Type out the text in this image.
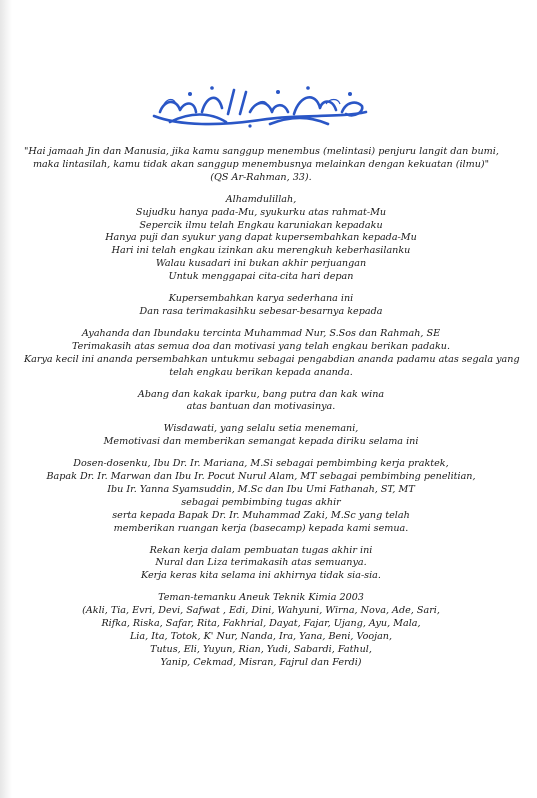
"Hai jamaah Jin dan Manusia, jika kamu sanggup menembus (melintasi) penjuru langit dan bumi,
maka lintasilah, kamu tidak akan sanggup menembusnya melainkan dengan kekuatan (ilmu)"
(QS Ar-Rahman, 33).
Alhamdulillah,
Sujudku hanya pada-Mu, syukurku atas rahmat-Mu
Sepercik ilmu telah Engkau karuniakan kepadaku
Hanya puji dan syukur yang dapat kupersembahkan kepada-Mu
Hari ini telah engkau izinkan aku merengkuh keberhasilanku
Walau kusadari ini bukan akhir perjuangan
Untuk menggapai cita-cita hari depan
Kupersembahkan karya sederhana ini
Dan rasa terimakasihku sebesar-besarnya kepada
Ayahanda dan Ibundaku tercinta Muhammad Nur, S.Sos dan Rahmah, SE
Terimakasih atas semua doa dan motivasi yang telah engkau berikan padaku.
Karya kecil ini ananda persembahkan untukmu sebagai pengabdian ananda padamu atas segala yang
telah engkau berikan kepada ananda.
Abang dan kakak iparku, bang putra dan kak wina
atas bantuan dan motivasinya.
Wisdawati, yang selalu setia menemani,
Memotivasi dan memberikan semangat kepada diriku selama ini
Dosen-dosenku, Ibu Dr. Ir. Mariana, M.Si sebagai pembimbing kerja praktek,
Bapak Dr. Ir. Marwan dan Ibu Ir. Pocut Nurul Alam, MT sebagai pembimbing penelitian,
Ibu Ir. Yanna Syamsuddin, M.Sc dan Ibu Umi Fathanah, ST, MT
sebagai pembimbing tugas akhir
serta kepada Bapak Dr. Ir. Muhammad Zaki, M.Sc yang telah
memberikan ruangan kerja (basecamp) kepada kami semua.
Rekan kerja dalam pembuatan tugas akhir ini
Nural dan Liza terimakasih atas semuanya.
Kerja keras kita selama ini akhirnya tidak sia-sia.
Teman-temanku Aneuk Teknik Kimia 2003
(Akli, Tia, Evri, Devi, Safwat , Edi, Dini, Wahyuni, Wirna, Nova, Ade, Sari,
Rifka, Riska, Safar, Rita, Fakhrial, Dayat, Fajar, Ujang, Ayu, Mala,
Lia, Ita, Totok, K' Nur, Nanda, Ira, Yana, Beni, Voojan,
Tutus, Eli, Yuyun, Rian, Yudi, Sabardi, Fathul,
Yanip, Cekmad, Misran, Fajrul dan Ferdi)
